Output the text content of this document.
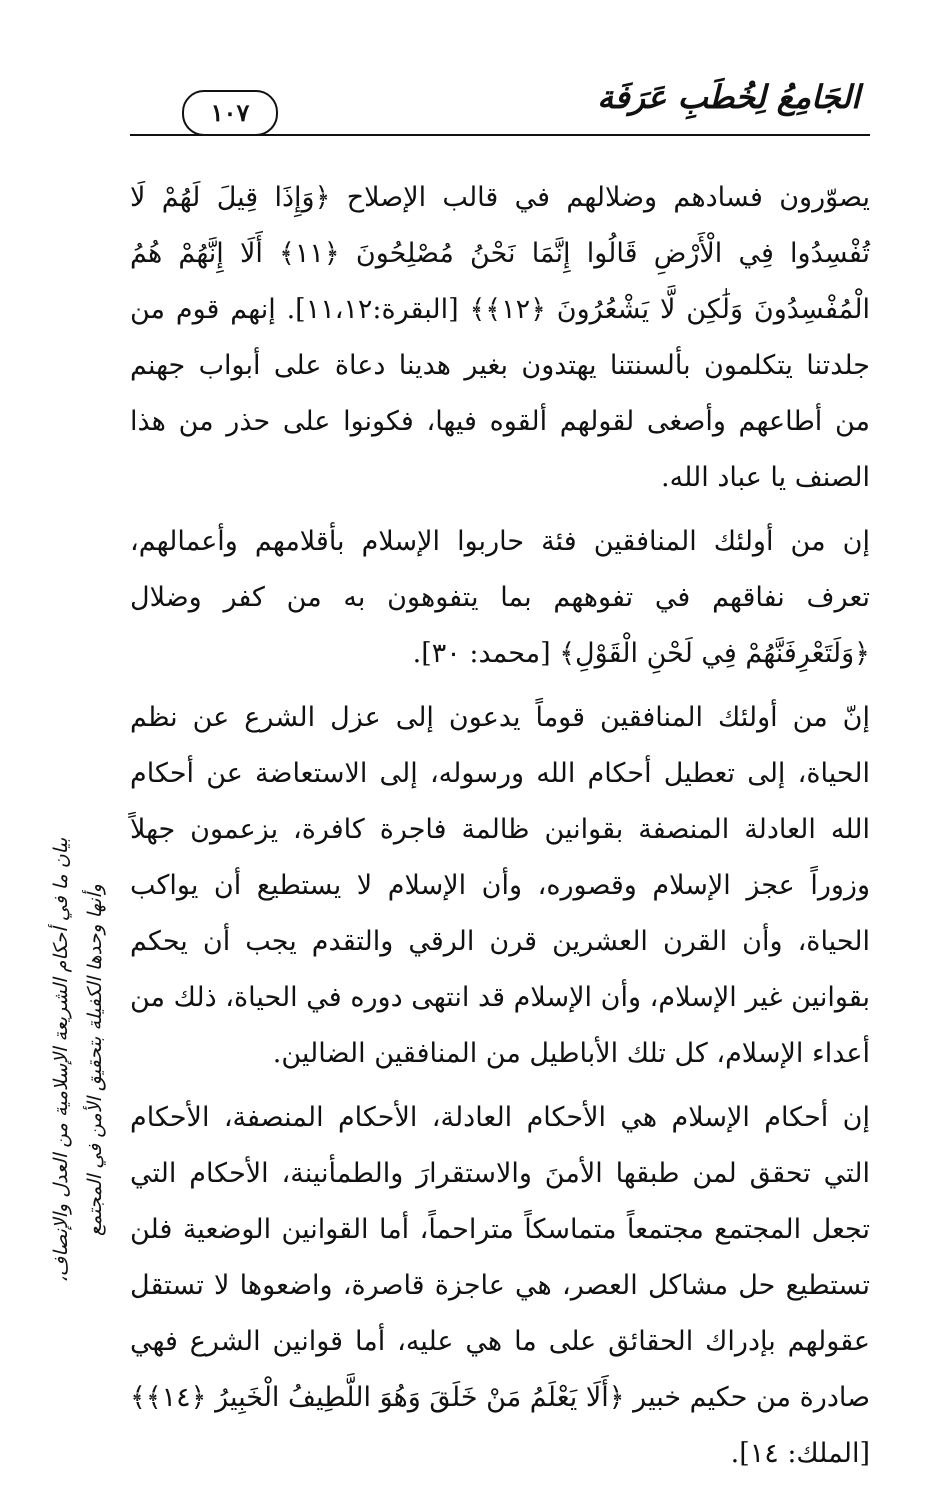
١٠٧	الجَامِعُ لِخُطَبِ عَرَفَة

يصوّرون فسادهم وضلالهم في قالب الإصلاح ﴿وَإِذَا قِيلَ لَهُمْ لَا تُفْسِدُوا فِي الْأَرْضِ قَالُوا إِنَّمَا نَحْنُ مُصْلِحُونَ ﴿١١﴾ أَلَا إِنَّهُمْ هُمُ الْمُفْسِدُونَ وَلَٰكِن لَّا يَشْعُرُونَ ﴿١٢﴾﴾ [البقرة:١١،١٢]. إنهم قوم من جلدتنا يتكلمون بألسنتنا يهتدون بغير هدينا دعاة على أبواب جهنم من أطاعهم وأصغى لقولهم ألقوه فيها، فكونوا على حذر من هذا الصنف يا عباد الله.

إن من أولئك المنافقين فئة حاربوا الإسلام بأقلامهم وأعمالهم، تعرف نفاقهم في تفوههم بما يتفوهون به من كفر وضلال ﴿وَلَتَعْرِفَنَّهُمْ فِي لَحْنِ الْقَوْلِ﴾ [محمد: ٣٠].

إنّ من أولئك المنافقين قوماً يدعون إلى عزل الشرع عن نظم الحياة، إلى تعطيل أحكام الله ورسوله، إلى الاستعاضة عن أحكام الله العادلة المنصفة بقوانين ظالمة فاجرة كافرة، يزعمون جهلاً وزوراً عجز الإسلام وقصوره، وأن الإسلام لا يستطيع أن يواكب الحياة، وأن القرن العشرين قرن الرقي والتقدم يجب أن يحكم بقوانين غير الإسلام، وأن الإسلام قد انتهى دوره في الحياة، ذلك من أعداء الإسلام، كل تلك الأباطيل من المنافقين الضالين.

إن أحكام الإسلام هي الأحكام العادلة، الأحكام المنصفة، الأحكام التي تحقق لمن طبقها الأمنَ والاستقرارَ والطمأنينة، الأحكام التي تجعل المجتمع مجتمعاً متماسكاً متراحماً، أما القوانين الوضعية فلن تستطيع حل مشاكل العصر، هي عاجزة قاصرة، واضعوها لا تستقل عقولهم بإدراك الحقائق على ما هي عليه، أما قوانين الشرع فهي صادرة من حكيم خبير ﴿أَلَا يَعْلَمُ مَنْ خَلَقَ وَهُوَ اللَّطِيفُ الْخَبِيرُ ﴿١٤﴾﴾ [الملك: ١٤].

بيان ما في أحكام الشريعة الإسلامية من العدل والإنصاف، وأنها وحدها الكفيلة بتحقيق الأمن في المجتمع
